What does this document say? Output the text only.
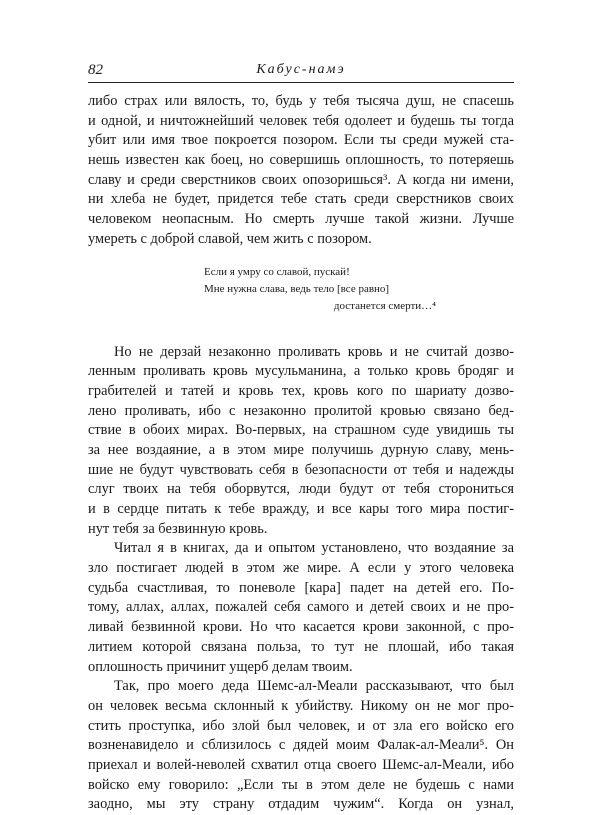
82	Кабус-намэ
либо страх или вялость, то, будь у тебя тысяча душ, не спасешь
и одной, и ничтожнейший человек тебя одолеет и будешь ты тогда
убит или имя твое покроется позором. Если ты среди мужей ста-
нешь известен как боец, но совершишь оплошность, то потеряешь
славу и среди сверстников своих опозоришься³. А когда ни имени,
ни хлеба не будет, придется тебе стать среди сверстников своих
человеком неопасным. Но смерть лучше такой жизни. Лучше
умереть с доброй славой, чем жить с позором.
Если я умру со славой, пускай!
Мне нужна слава, ведь тело [все равно]
достанется смерти…⁴
Но не дерзай незаконно проливать кровь и не считай дозво-
ленным проливать кровь мусульманина, а только кровь бродяг и
грабителей и татей и кровь тех, кровь кого по шариату дозво-
лено проливать, ибо с незаконно пролитой кровью связано бед-
ствие в обоих мирах. Во-первых, на страшном суде увидишь ты
за нее воздаяние, а в этом мире получишь дурную славу, мень-
шие не будут чувствовать себя в безопасности от тебя и надежды
слуг твоих на тебя оборвутся, люди будут от тебя сторониться
и в сердце питать к тебе вражду, и все кары того мира постиг-
нут тебя за безвинную кровь.
Читал я в книгах, да и опытом установлено, что воздаяние за
зло постигает людей в этом же мире. А если у этого человека
судьба счастливая, то поневоле [кара] падет на детей его. По-
тому, аллах, аллах, пожалей себя самого и детей своих и не про-
ливай безвинной крови. Но что касается крови законной, с про-
литием которой связана польза, то тут не плошай, ибо такая
оплошность причинит ущерб делам твоим.
Так, про моего деда Шемс-ал-Меали рассказывают, что был
он человек весьма склонный к убийству. Никому он не мог про-
стить проступка, ибо злой был человек, и от зла его войско его
возненавидело и сблизилось с дядей моим Фалак-ал-Меали⁵. Он
приехал и волей-неволей схватил отца своего Шемс-ал-Меали, ибо
войско ему говорило: „Если ты в этом деле не будешь с нами
заодно, мы эту страну отдадим чужим“. Когда он узнал,
